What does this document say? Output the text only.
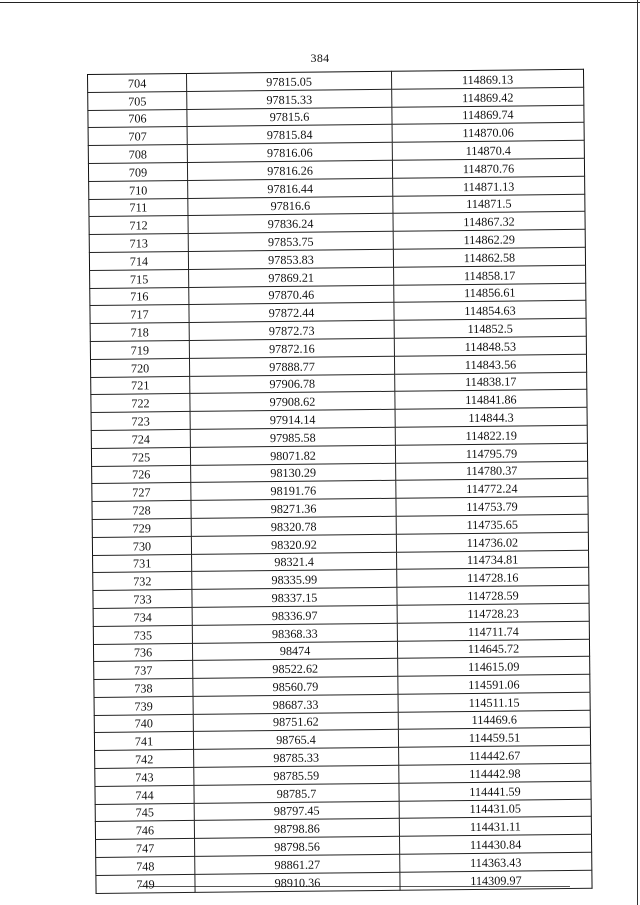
384
704	97815.05	114869.13
705	97815.33	114869.42
706	97815.6	114869.74
707	97815.84	114870.06
708	97816.06	114870.4
709	97816.26	114870.76
710	97816.44	114871.13
711	97816.6	114871.5
712	97836.24	114867.32
713	97853.75	114862.29
714	97853.83	114862.58
715	97869.21	114858.17
716	97870.46	114856.61
717	97872.44	114854.63
718	97872.73	114852.5
719	97872.16	114848.53
720	97888.77	114843.56
721	97906.78	114838.17
722	97908.62	114841.86
723	97914.14	114844.3
724	97985.58	114822.19
725	98071.82	114795.79
726	98130.29	114780.37
727	98191.76	114772.24
728	98271.36	114753.79
729	98320.78	114735.65
730	98320.92	114736.02
731	98321.4	114734.81
732	98335.99	114728.16
733	98337.15	114728.59
734	98336.97	114728.23
735	98368.33	114711.74
736	98474	114645.72
737	98522.62	114615.09
738	98560.79	114591.06
739	98687.33	114511.15
740	98751.62	114469.6
741	98765.4	114459.51
742	98785.33	114442.67
743	98785.59	114442.98
744	98785.7	114441.59
745	98797.45	114431.05
746	98798.86	114431.11
747	98798.56	114430.84
748	98861.27	114363.43
749	98910.36	114309.97
